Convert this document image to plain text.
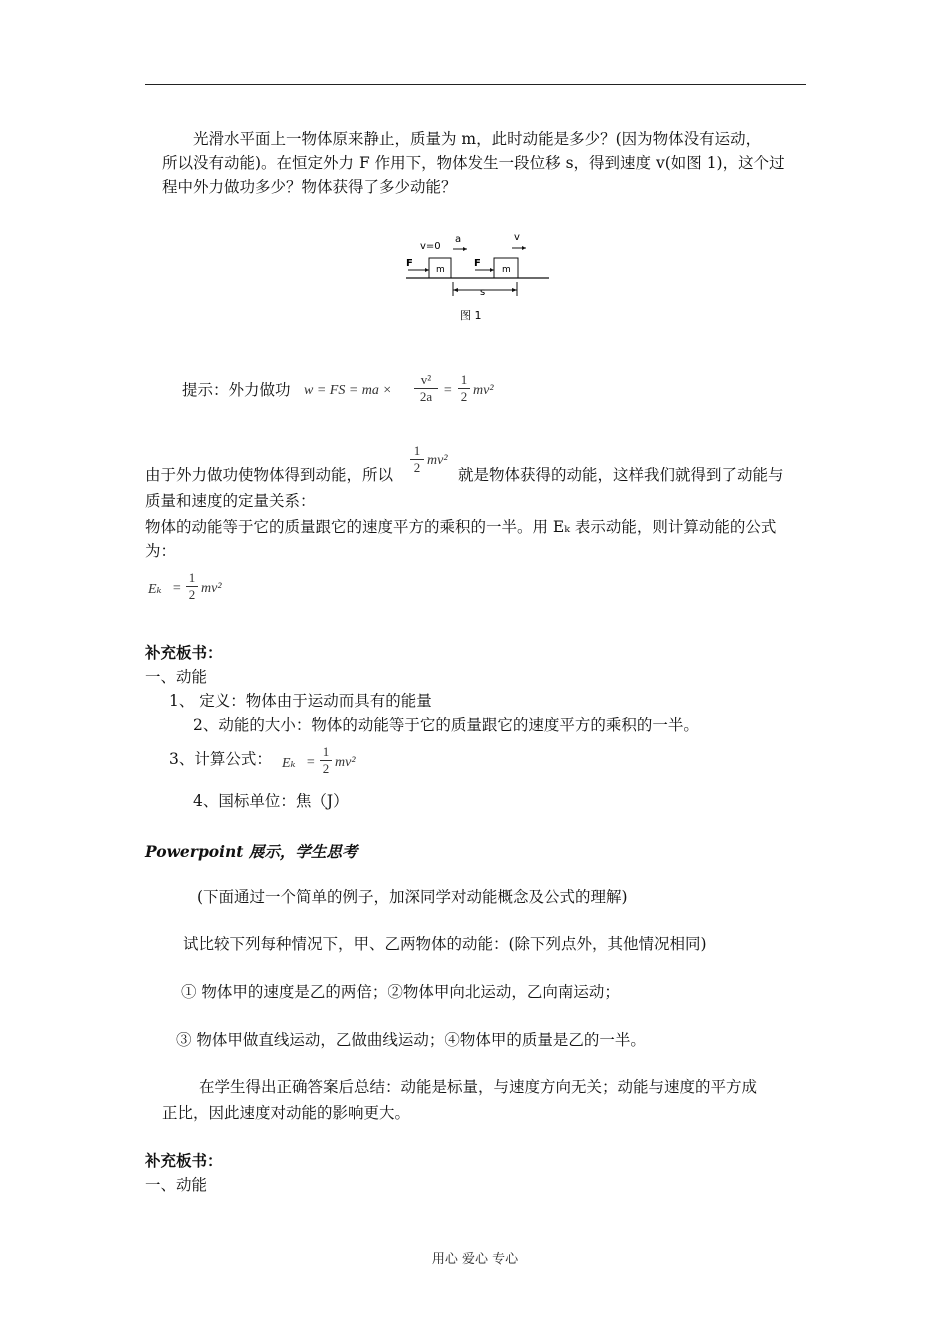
光滑水平面上一物体原来静止，质量为 m，此时动能是多少？(因为物体没有运动，
所以没有动能)。在恒定外力 F 作用下，物体发生一段位移 s，得到速度 v(如图 1)，这个过
程中外力做功多少？物体获得了多少动能？
v=0
a	v
F
m
F
m
s
图 1
提示：外力做功 w = FS = ma ×
v²
2a =
1
2 mv²
由于外力做功使物体得到动能，所以
1
2 mv²
就是物体获得的动能，这样我们就得到了动能与
质量和速度的定量关系：
物体的动能等于它的质量跟它的速度平方的乘积的一半。用 Eₖ 表示动能，则计算动能的公式
为：
Eₖ =
1
2 mv²
补充板书：
一、动能
1、 定义：物体由于运动而具有的能量
2、动能的大小：物体的动能等于它的质量跟它的速度平方的乘积的一半。
3、计算公式： Eₖ =
1
2 mv²
4、国标单位：焦（J）
Powerpoint 展示，学生思考
(下面通过一个简单的例子，加深同学对动能概念及公式的理解)
试比较下列每种情况下，甲、乙两物体的动能：(除下列点外，其他情况相同)
① 物体甲的速度是乙的两倍；②物体甲向北运动，乙向南运动；
③ 物体甲做直线运动，乙做曲线运动；④物体甲的质量是乙的一半。
在学生得出正确答案后总结：动能是标量，与速度方向无关；动能与速度的平方成
正比，因此速度对动能的影响更大。
补充板书：
一、动能
用心 爱心 专心
